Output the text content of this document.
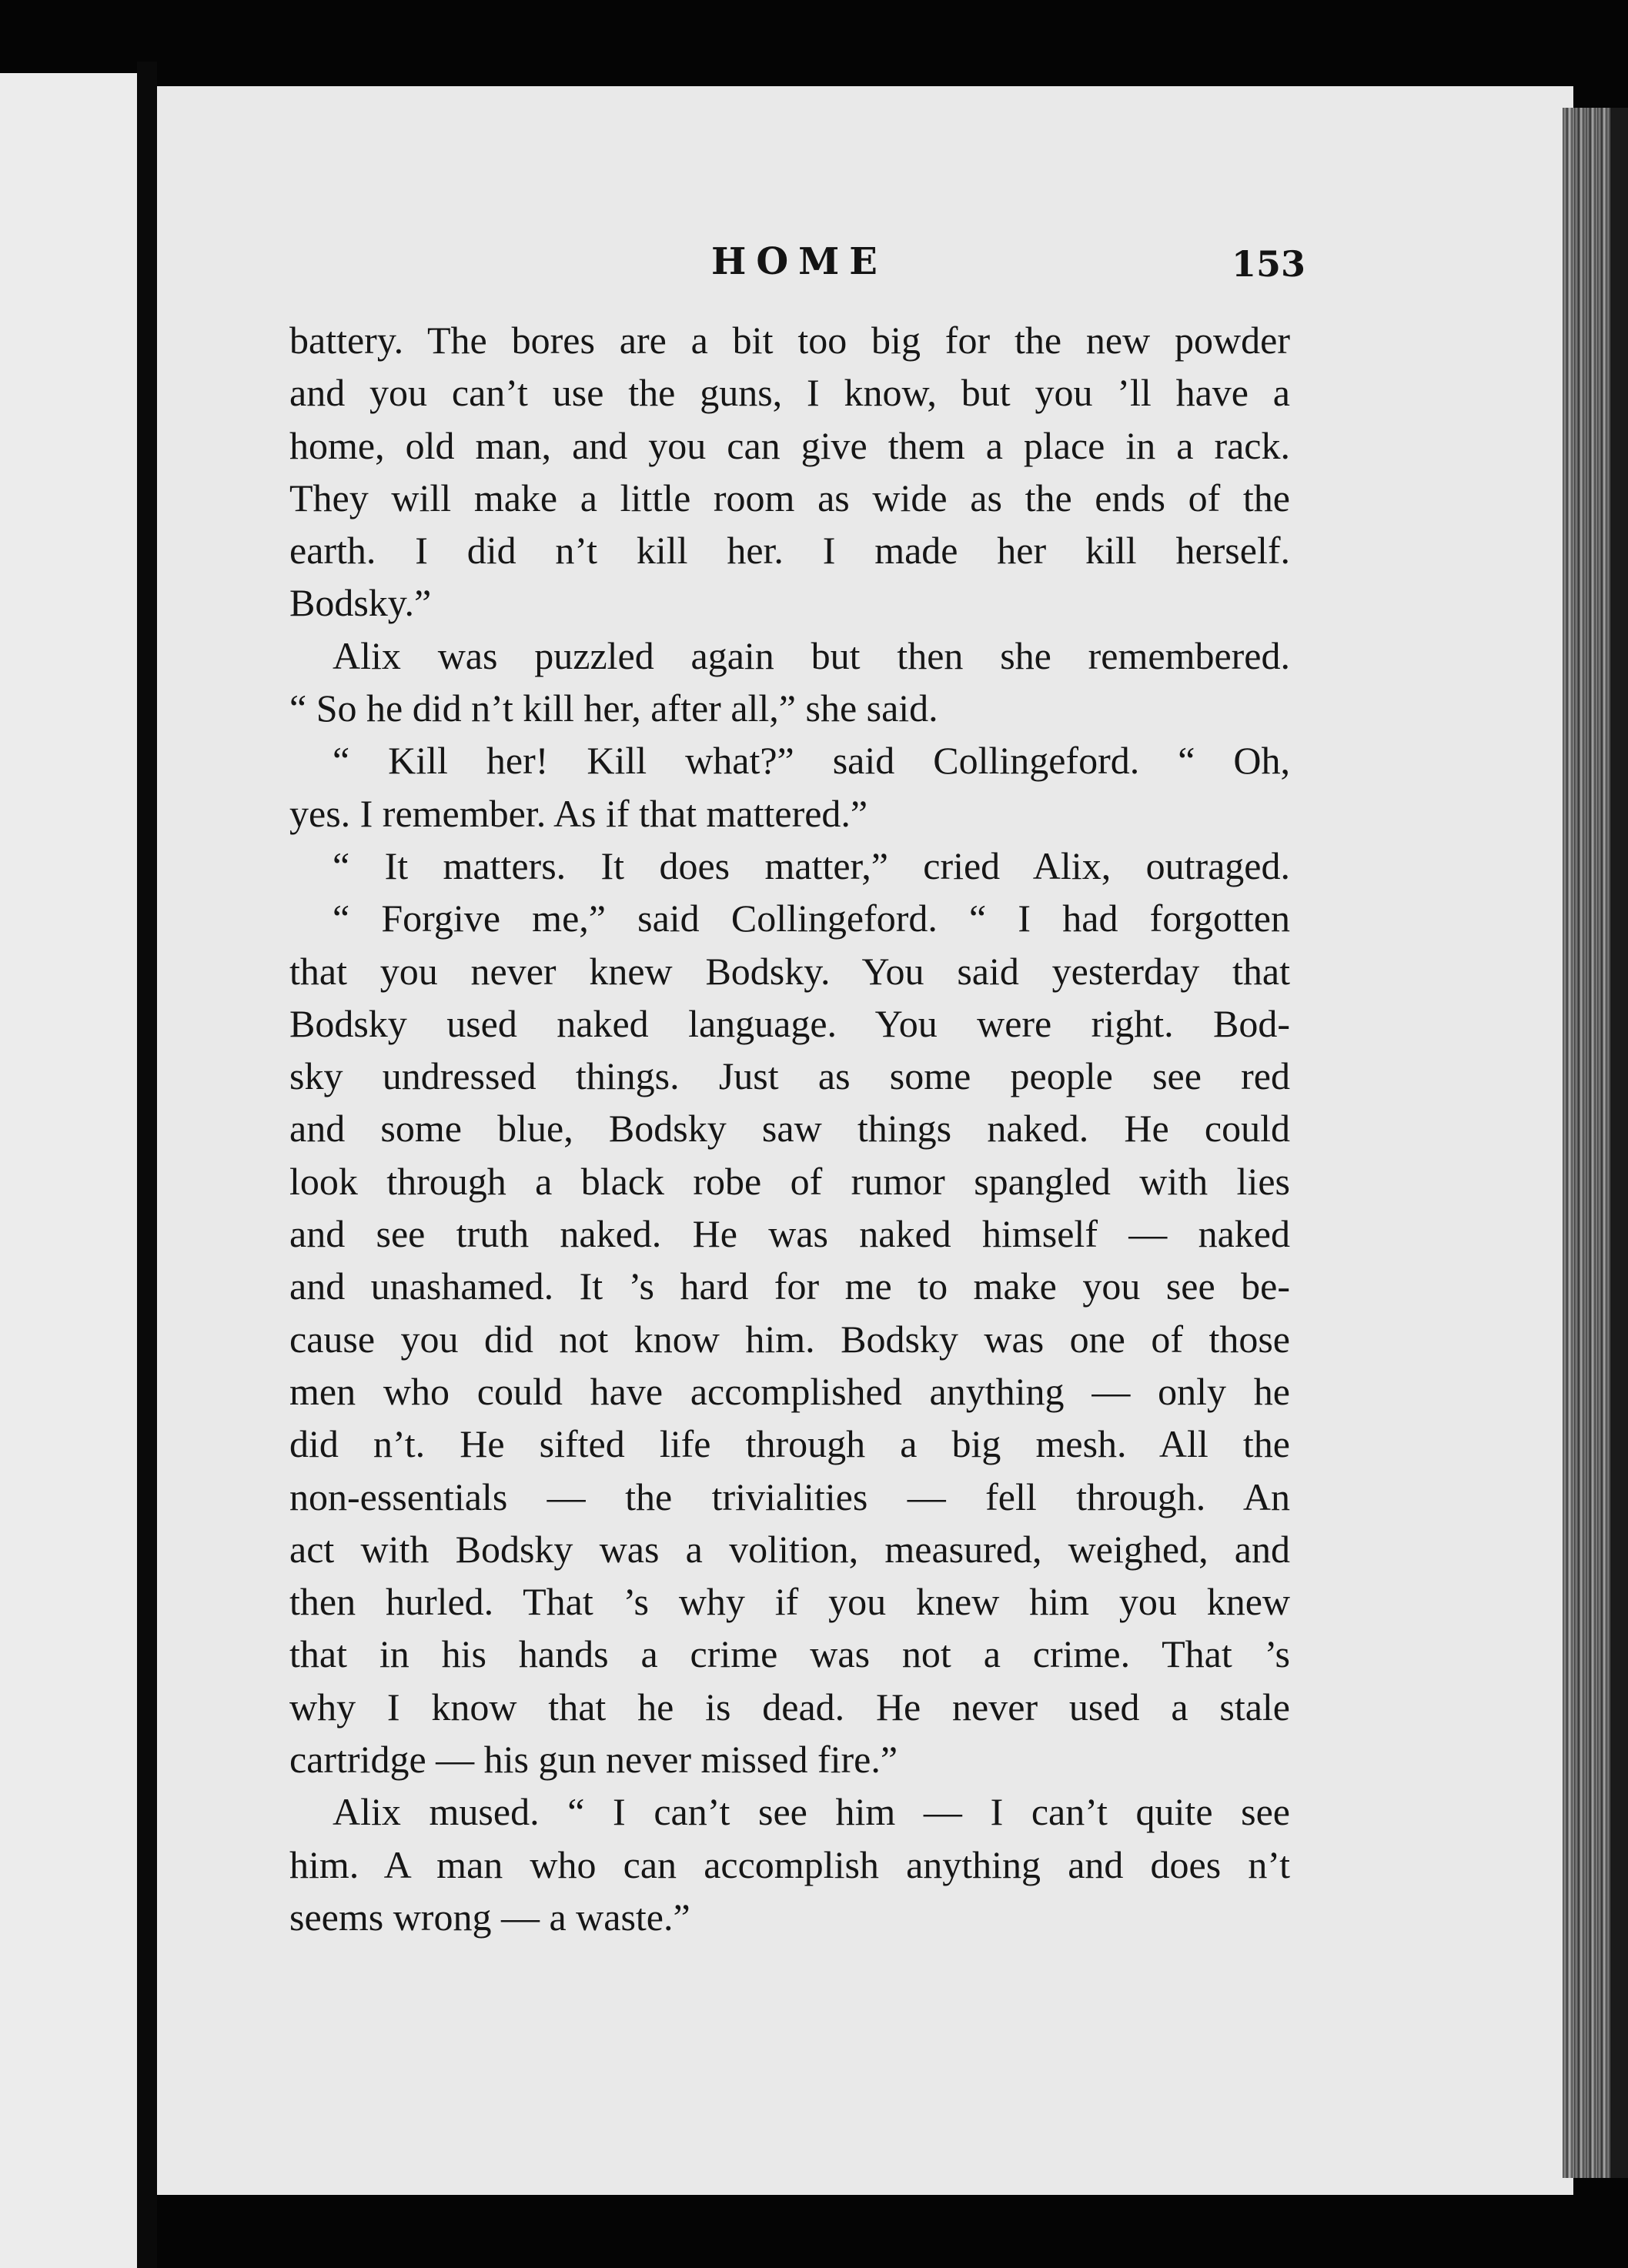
HOME	153
battery. The bores are a bit too big for the new powder
and you can’t use the guns, I know, but you ’ll have a
home, old man, and you can give them a place in a rack.
They will make a little room as wide as the ends of the
earth. I did n’t kill her. I made her kill herself.
Bodsky.”
Alix was puzzled again but then she remembered.
“ So he did n’t kill her, after all,” she said.
“ Kill her! Kill what?” said Collingeford. “ Oh,
yes. I remember. As if that mattered.”
“ It matters. It does matter,” cried Alix, outraged.
“ Forgive me,” said Collingeford. “ I had forgotten
that you never knew Bodsky. You said yesterday that
Bodsky used naked language. You were right. Bod-
sky undressed things. Just as some people see red
and some blue, Bodsky saw things naked. He could
look through a black robe of rumor spangled with lies
and see truth naked. He was naked himself — naked
and unashamed. It ’s hard for me to make you see be-
cause you did not know him. Bodsky was one of those
men who could have accomplished anything — only he
did n’t. He sifted life through a big mesh. All the
non-essentials — the trivialities — fell through. An
act with Bodsky was a volition, measured, weighed, and
then hurled. That ’s why if you knew him you knew
that in his hands a crime was not a crime. That ’s
why I know that he is dead. He never used a stale
cartridge — his gun never missed fire.”
Alix mused. “ I can’t see him — I can’t quite see
him. A man who can accomplish anything and does n’t
seems wrong — a waste.”
